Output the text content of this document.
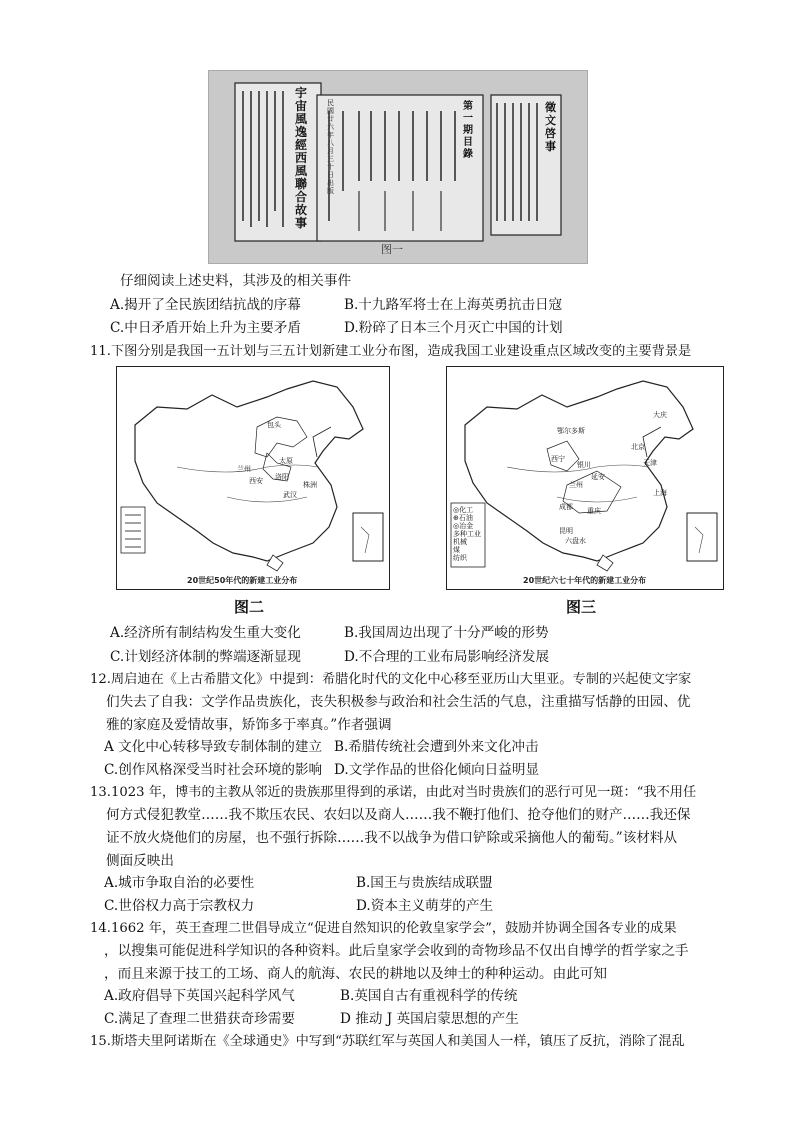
宇宙風逸經西風聯合故事
第一期目錄
民國廿六年八月三十日出版
徵文啓事
图一
仔细阅读上述史料，其涉及的相关事件
A.揭开了全民族团结抗战的序幕	B.十九路军将士在上海英勇抗击日寇
C.中日矛盾开始上升为主要矛盾	D.粉碎了日本三个月灭亡中国的计划
11.下图分别是我国一五计划与三五计划新建工业分布图，造成我国工业建设重点区域改变的主要背景是
包头
兰州
西安
太原
洛阳
武汉
株洲
20世纪50年代的新建工业分布
大庆
北京
天津
西宁
银川
延安
兰州
成都 重庆
昆明
六盘水
上海
鄂尔多斯
◎化工
⊕石油
◎冶金
多种工业
机械
煤
纺织
20世纪六七十年代的新建工业分布
图二	图三
A.经济所有制结构发生重大变化	B.我国周边出现了十分严峻的形势
C.计划经济体制的弊端逐渐显现	D.不合理的工业布局影响经济发展
12.周启迪在《上古希腊文化》中提到：希腊化时代的文化中心移至亚历山大里亚。专制的兴起使文字家
们失去了自我：文学作品贵族化，丧失积极参与政治和社会生活的气息，注重描写恬静的田园、优
雅的家庭及爱情故事，矫饰多于率真。”作者强调
A 文化中心转移导致专制体制的建立 B.希腊传统社会遭到外来文化冲击
C.创作风格深受当时社会环境的影响 D.文学作品的世俗化倾向日益明显
13.1023 年，博韦的主教从邻近的贵族那里得到的承诺，由此对当时贵族们的恶行可见一斑：“我不用任
何方式侵犯教堂……我不欺压农民、农妇以及商人……我不鞭打他们、抢夺他们的财产……我还保
证不放火烧他们的房屋，也不强行拆除……我不以战争为借口铲除或采摘他人的葡萄。”该材料从
侧面反映出
A.城市争取自治的必要性	B.国王与贵族结成联盟
C.世俗权力高于宗教权力	D.资本主义萌芽的产生
14.1662 年，英王查理二世倡导成立“促进自然知识的伦敦皇家学会”，鼓励并协调全国各专业的成果
，以搜集可能促进科学知识的各种资料。此后皇家学会收到的奇物珍品不仅出自博学的哲学家之手
，而且来源于技工的工场、商人的航海、农民的耕地以及绅士的种种运动。由此可知
A.政府倡导下英国兴起科学风气	B.英国自古有重视科学的传统
C.满足了查理二世猎获奇珍需要	D 推动 J 英国启蒙思想的产生
15.斯塔夫里阿诺斯在《全球通史》中写到“苏联红军与英国人和美国人一样，镇压了反抗，消除了混乱
